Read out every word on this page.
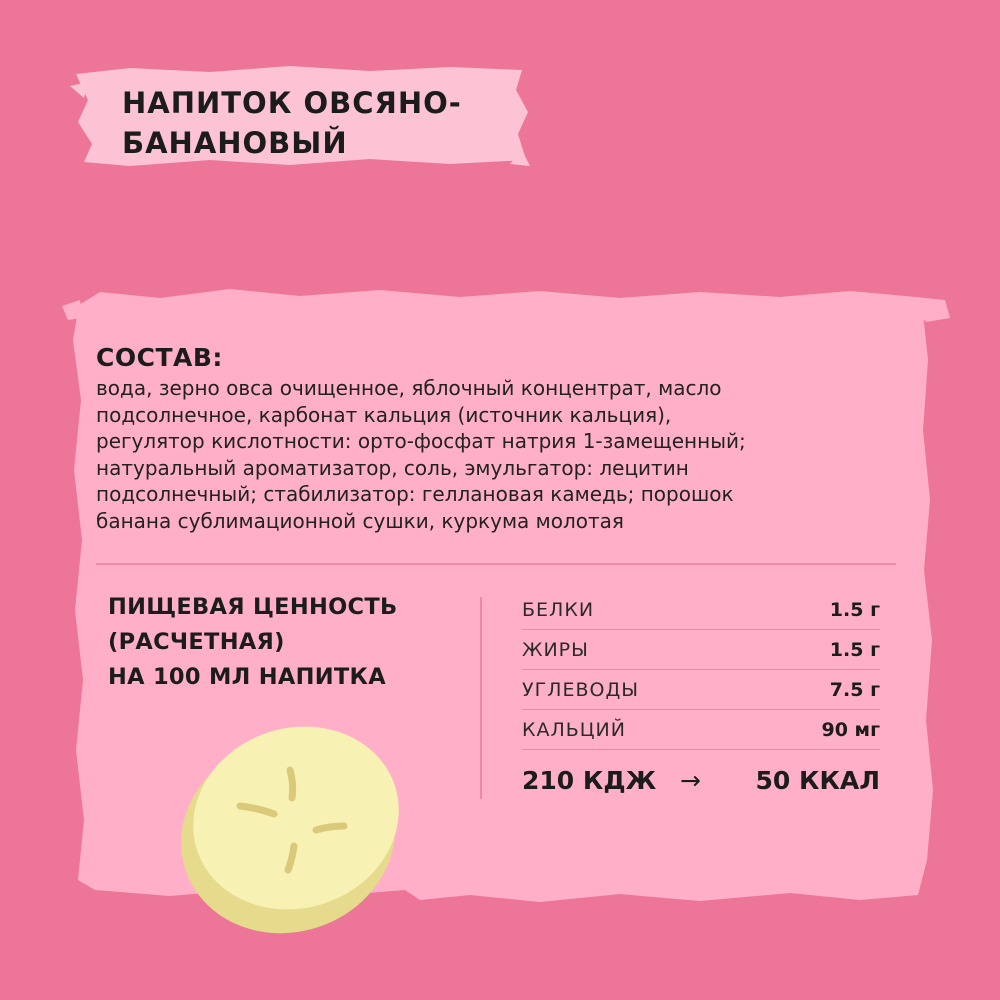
НАПИТОК ОВСЯНО-
БАНАНОВЫЙ
СОСТАВ:
вода, зерно овса очищенное, яблочный концентрат, масло
подсолнечное, карбонат кальция (источник кальция),
регулятор кислотности: орто-фосфат натрия 1-замещенный;
натуральный ароматизатор, соль, эмульгатор: лецитин
подсолнечный; стабилизатор: геллановая камедь; порошок
банана сублимационной сушки, куркума молотая
ПИЩЕВАЯ ЦЕННОСТЬ
(РАСЧЕТНАЯ)
НА 100 МЛ НАПИТКА
БЕЛКИ	1.5 г
ЖИРЫ	1.5 г
УГЛЕВОДЫ	7.5 г
КАЛЬЦИЙ	90 мг
210 КДЖ → 50 ККАЛ
